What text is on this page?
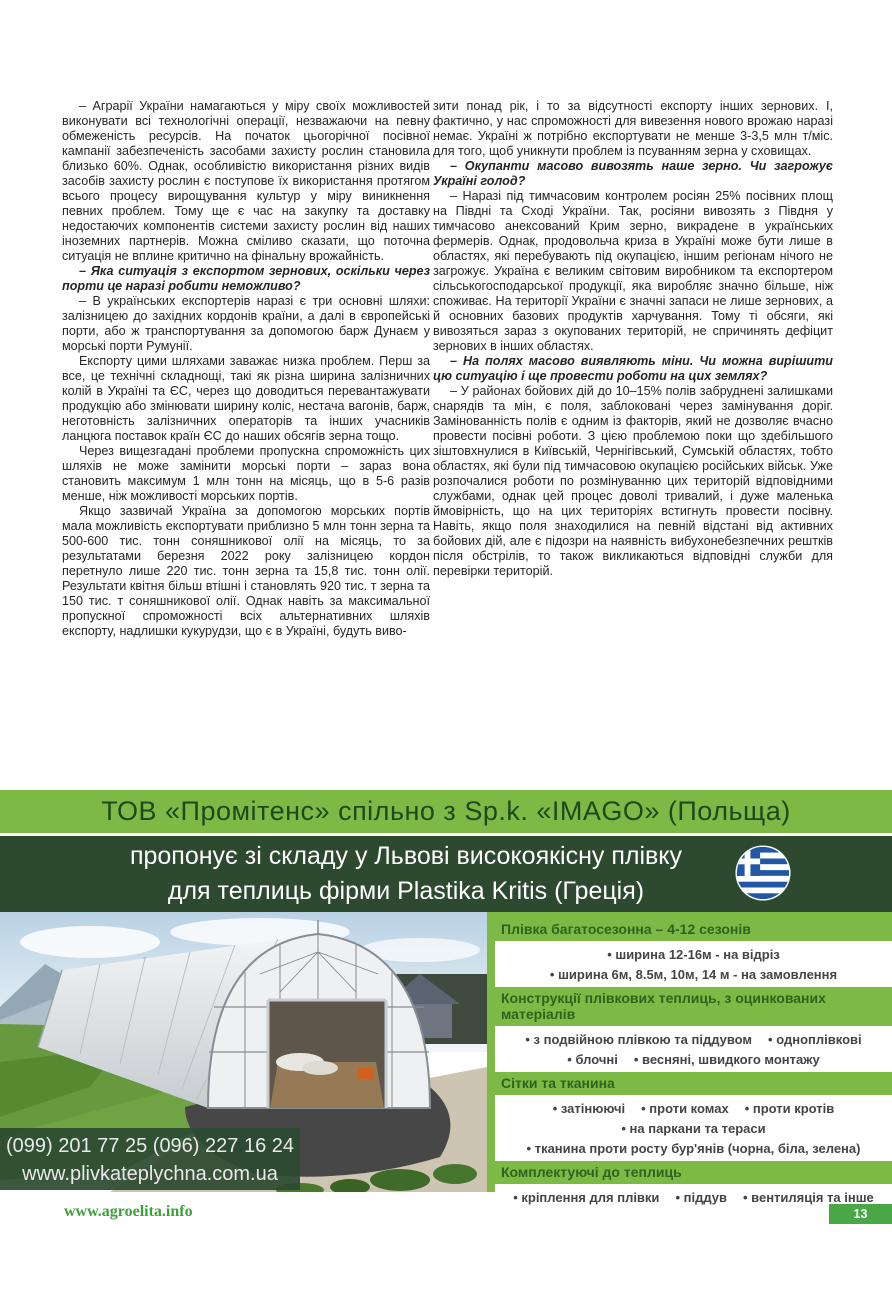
– Аграрії України намагаються у міру своїх можливостей виконувати всі технологічні операції, незважаючи на певну обмеженість ресурсів. На початок цьогорічної посівної кампанії забезпеченість засобами захисту рослин становила близько 60%. Однак, особливістю використання різних видів засобів захисту рослин є поступове їх використання протягом всього процесу вирощування культур у міру виникнення певних проблем. Тому ще є час на закупку та доставку недостаючих компонентів системи захисту рослин від наших іноземних партнерів. Можна сміливо сказати, що поточна ситуація не вплине критично на фінальну врожайність.

– Яка ситуація з експортом зернових, оскільки через порти це наразі робити неможливо?

– В українських експортерів наразі є три основні шляхи: залізницею до західних кордонів країни, а далі в європейські порти, або ж транспортування за допомогою барж Дунаєм у морські порти Румунії.

Експорту цими шляхами заважає низка проблем. Перш за все, це технічні складнощі, такі як різна ширина залізничних колій в Україні та ЄС, через що доводиться перевантажувати продукцію або змінювати ширину коліс, нестача вагонів, барж, неготовність залізничних операторів та інших учасників ланцюга поставок країн ЄС до наших обсягів зерна тощо.

Через вищезгадані проблеми пропускна спроможність цих шляхів не може замінити морські порти – зараз вона становить максимум 1 млн тонн на місяць, що в 5-6 разів менше, ніж можливості морських портів.

Якщо зазвичай Україна за допомогою морських портів мала можливість експортувати приблизно 5 млн тонн зерна та 500-600 тис. тонн соняшникової олії на місяць, то за результатами березня 2022 року залізницею кордон перетнуло лише 220 тис. тонн зерна та 15,8 тис. тонн олії. Результати квітня більш втішні і становлять 920 тис. т зерна та 150 тис. т соняшникової олії. Однак навіть за максимальної пропускної спроможності всіх альтернативних шляхів експорту, надлишки кукурудзи, що є в Україні, будуть виво-

зити понад рік, і то за відсутності експорту інших зернових. І, фактично, у нас спроможності для вивезення нового врожаю наразі немає. Україні ж потрібно експортувати не менше 3-3,5 млн т/міс. для того, щоб уникнути проблем із псуванням зерна у сховищах.

– Окупанти масово вивозять наше зерно. Чи загрожує Україні голод?

– Наразі під тимчасовим контролем росіян 25% посівних площ на Півдні та Сході України. Так, росіяни вивозять з Півдня у тимчасово анексований Крим зерно, викрадене в українських фермерів. Однак, продовольча криза в Україні може бути лише в областях, які перебувають під окупацією, іншим регіонам нічого не загрожує. Україна є великим світовим виробником та експортером сільськогосподарської продукції, яка виробляє значно більше, ніж споживає. На території України є значні запаси не лише зернових, а й основних базових продуктів харчування. Тому ті обсяги, які вивозяться зараз з окупованих територій, не спричинять дефіцит зернових в інших областях.

– На полях масово виявляють міни. Чи можна вирішити цю ситуацію і ще провести роботи на цих землях?

– У районах бойових дій до 10–15% полів забруднені залишками снарядів та мін, є поля, заблоковані через замінування доріг. Замінованність полів є одним із факторів, який не дозволяє вчасно провести посівні роботи. З цією проблемою поки що здебільшого зіштовхнулися в Київській, Чернігівський, Сумській областях, тобто областях, які були під тимчасовою окупацією російських військ. Уже розпочалися роботи по розмінуванню цих територій відповідними службами, однак цей процес доволі тривалий, і дуже маленька ймовірність, що на цих територіях встигнуть провести посівну. Навіть, якщо поля знаходилися на певній відстані від активних бойових дій, але є підозри на наявність вибухонебезпечних рештків після обстрілів, то також викликаються відповідні служби для перевірки територій.

ТОВ «Промітенс» спільно з Sp.k. «IMAGO» (Польща)
пропонує зі складу у Львові високоякісну плівку
для теплиць фірми Plastika Kritis (Греція)
(099) 201 77 25 (096) 227 16 24
www.plivkateplychna.com.ua
Плівка багатосезонна – 4-12 сезонів
• ширина 12-16м - на відріз
• ширина 6м, 8.5м, 10м, 14 м - на замовлення
Конструкції плівкових теплиць, з оцинкованих матеріалів
• з подвійною плівкою та піддувом • одноплівкові
• блочні • весняні, швидкого монтажу
Сітки та тканина
• затінюючі • проти комах • проти кротів
• на паркани та тераси
• тканина проти росту бур'янів (чорна, біла, зелена)
Комплектуючі до теплиць
• кріплення для плівки • піддув • вентиляція та інше
www.agroelita.info	13
